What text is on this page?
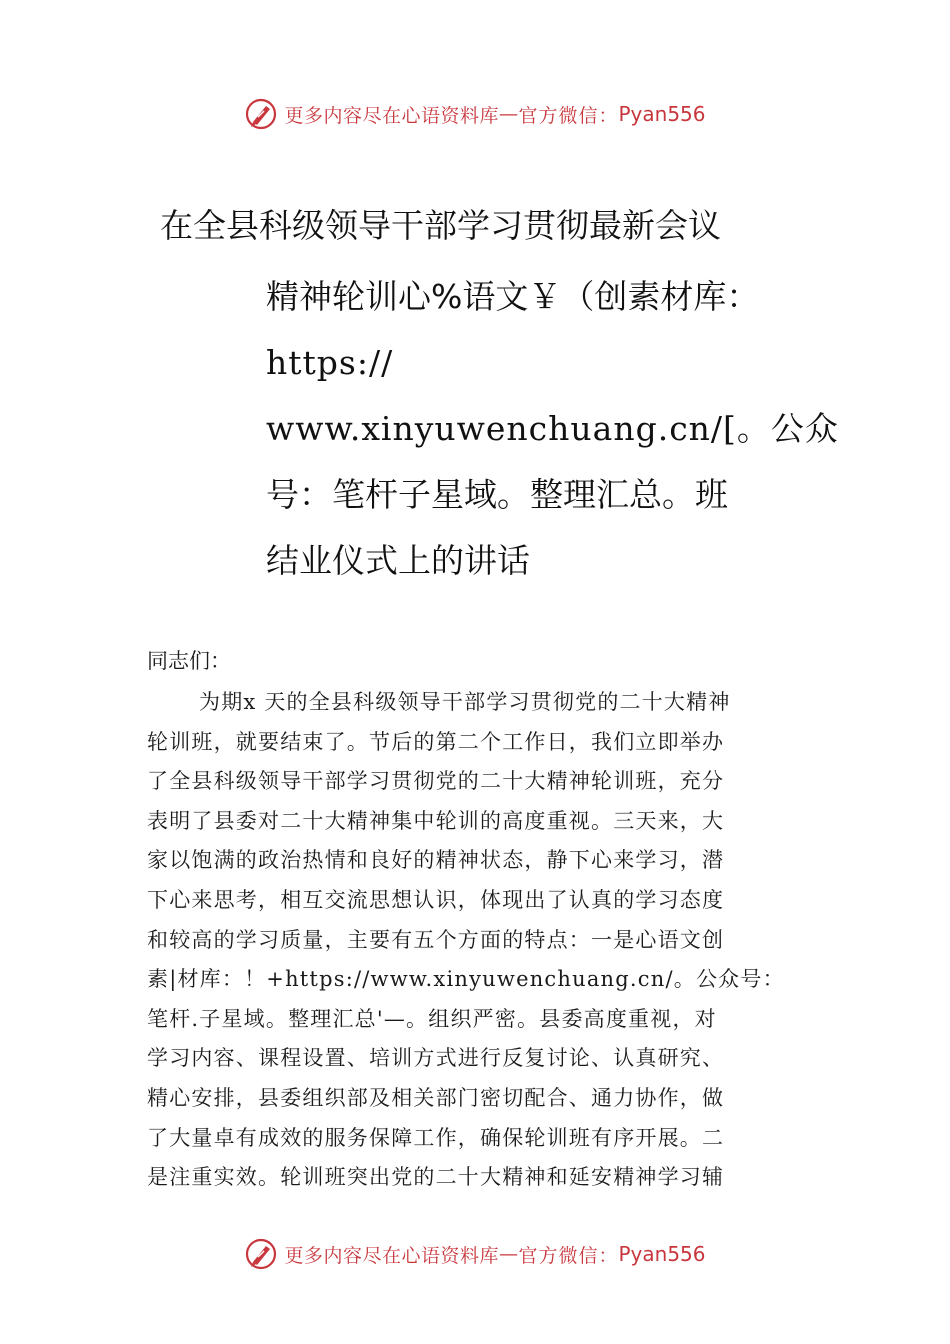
更多内容尽在心语资料库 — 官方微信： Pyan556
在全县科级领导干部学习贯彻最新会议
精神轮训心%语文￥（创素材库：
https://
www.xinyuwenchuang.cn/[。公众
号：笔杆子星域。整理汇总。班
结业仪式上的讲话
同志们：
为期x 天的全县科级领导干部学习贯彻党的二十大精神
轮训班，就要结束了。节后的第二个工作日，我们立即举办
了全县科级领导干部学习贯彻党的二十大精神轮训班，充分
表明了县委对二十大精神集中轮训的高度重视。三天来，大
家以饱满的政治热情和良好的精神状态，静下心来学习，潜
下心来思考，相互交流思想认识，体现出了认真的学习态度
和较高的学习质量，主要有五个方面的特点：一是心语文创
素|材库：！+https://www.xinyuwenchuang.cn/。公众号：
笔杆.子星域。整理汇总'—。组织严密。县委高度重视，对
学习内容、课程设置、培训方式进行反复讨论、认真研究、
精心安排，县委组织部及相关部门密切配合、通力协作，做
了大量卓有成效的服务保障工作，确保轮训班有序开展。二
是注重实效。轮训班突出党的二十大精神和延安精神学习辅
更多内容尽在心语资料库 — 官方微信： Pyan556
